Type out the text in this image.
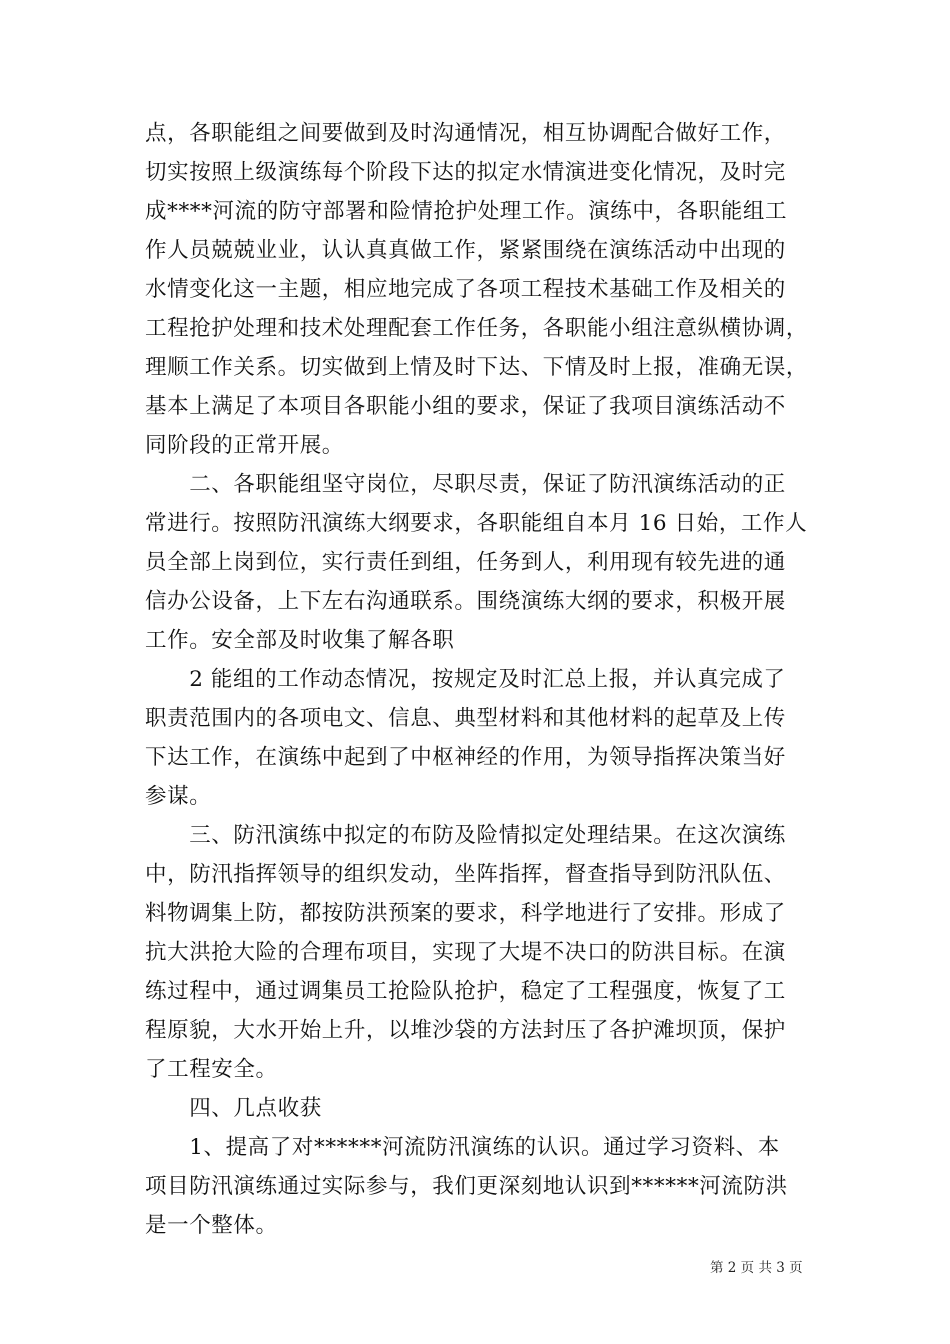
点，各职能组之间要做到及时沟通情况，相互协调配合做好工作，
切实按照上级演练每个阶段下达的拟定水情演进变化情况，及时完
成****河流的防守部署和险情抢护处理工作。演练中，各职能组工
作人员兢兢业业，认认真真做工作，紧紧围绕在演练活动中出现的
水情变化这一主题，相应地完成了各项工程技术基础工作及相关的
工程抢护处理和技术处理配套工作任务，各职能小组注意纵横协调，
理顺工作关系。切实做到上情及时下达、下情及时上报，准确无误，
基本上满足了本项目各职能小组的要求，保证了我项目演练活动不
同阶段的正常开展。
　　二、各职能组坚守岗位，尽职尽责，保证了防汛演练活动的正
常进行。按照防汛演练大纲要求，各职能组自本月 16 日始，工作人
员全部上岗到位，实行责任到组，任务到人，利用现有较先进的通
信办公设备，上下左右沟通联系。围绕演练大纲的要求，积极开展
工作。安全部及时收集了解各职
　　2 能组的工作动态情况，按规定及时汇总上报，并认真完成了
职责范围内的各项电文、信息、典型材料和其他材料的起草及上传
下达工作，在演练中起到了中枢神经的作用，为领导指挥决策当好
参谋。
　　三、防汛演练中拟定的布防及险情拟定处理结果。在这次演练
中，防汛指挥领导的组织发动，坐阵指挥，督查指导到防汛队伍、
料物调集上防，都按防洪预案的要求，科学地进行了安排。形成了
抗大洪抢大险的合理布项目，实现了大堤不决口的防洪目标。在演
练过程中，通过调集员工抢险队抢护，稳定了工程强度，恢复了工
程原貌，大水开始上升，以堆沙袋的方法封压了各护滩坝顶，保护
了工程安全。
　　四、几点收获
　　1、提高了对******河流防汛演练的认识。通过学习资料、本
项目防汛演练通过实际参与，我们更深刻地认识到******河流防洪
是一个整体。
第 2 页 共 3 页
